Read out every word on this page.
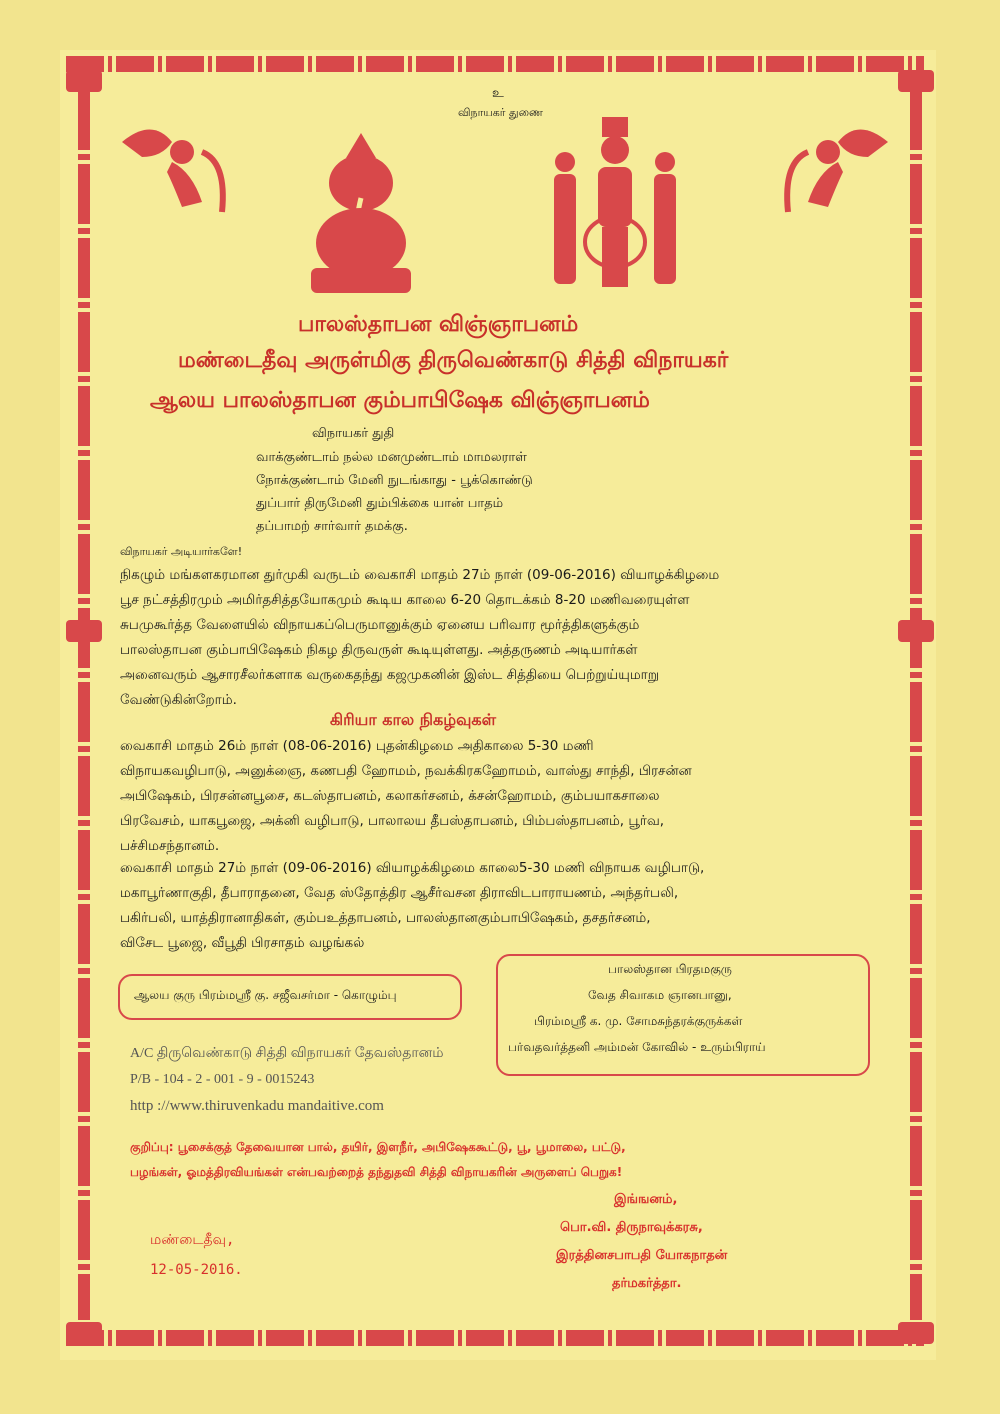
உ
விநாயகர் துணை
பாலஸ்தாபன விஞ்ஞாபனம்
மண்டைதீவு அருள்மிகு திருவெண்காடு சித்தி விநாயகர்
ஆலய பாலஸ்தாபன கும்பாபிஷேக விஞ்ஞாபனம்
விநாயகர் துதி
வாக்குண்டாம் நல்ல மனமுண்டாம் மாமலராள்
நோக்குண்டாம் மேனி நுடங்காது - பூக்கொண்டு
துப்பார் திருமேனி தும்பிக்கை யான் பாதம்
தப்பாமற் சார்வார் தமக்கு.
விநாயகர் அடியார்களே!
நிகழும் மங்களகரமான துர்முகி வருடம் வைகாசி மாதம் 27ம் நாள் (09-06-2016) வியாழக்கிழமை
பூச நட்சத்திரமும் அமிர்தசித்தயோகமும் கூடிய காலை 6-20 தொடக்கம் 8-20 மணிவரையுள்ள
சுபமுகூர்த்த வேளையில் விநாயகப்பெருமானுக்கும் ஏனைய பரிவார மூர்த்திகளுக்கும்
பாலஸ்தாபன கும்பாபிஷேகம் நிகழ திருவருள் கூடியுள்ளது. அத்தருணம் அடியார்கள்
அனைவரும் ஆசாரசீலர்களாக வருகைதந்து கஜமுகனின் இஸ்ட சித்தியை பெற்றுய்யுமாறு
வேண்டுகின்றோம்.
கிரியா கால நிகழ்வுகள்
வைகாசி மாதம் 26ம் நாள் (08-06-2016) புதன்கிழமை அதிகாலை 5-30 மணி
விநாயகவழிபாடு, அனுக்ஞை, கணபதி ஹோமம், நவக்கிரகஹோமம், வாஸ்து சாந்தி, பிரசன்ன
அபிஷேகம், பிரசன்னபூசை, கடஸ்தாபனம், கலாகர்சனம், க்சன்ஹோமம், கும்பயாகசாலை
பிரவேசம், யாகபூஜை, அக்னி வழிபாடு, பாலாலய தீபஸ்தாபனம், பிம்பஸ்தாபனம், பூர்வ,
பச்சிமசந்தானம்.
வைகாசி மாதம் 27ம் நாள் (09-06-2016) வியாழக்கிழமை காலை5-30 மணி விநாயக வழிபாடு,
மகாபூர்ணாகுதி, தீபாராதனை, வேத ஸ்தோத்திர ஆசீர்வசன திராவிடபாராயணம், அந்தர்பலி,
பகிர்பலி, யாத்திரானாதிகள், கும்பஉத்தாபனம், பாலஸ்தானகும்பாபிஷேகம், தசதர்சனம்,
விசேட பூஜை, வீபூதி பிரசாதம் வழங்கல்
ஆலய குரு பிரம்மஸ்ரீ கு. சஜீவசர்மா - கொழும்பு
பாலஸ்தான பிரதமகுரு
வேத சிவாகம ஞானபானு,
பிரம்மஸ்ரீ க. மு. சோமசுந்தரக்குருக்கள்
பர்வதவர்த்தனி அம்மன் கோவில் - உரும்பிராய்
A/C திருவெண்காடு சித்தி விநாயகர் தேவஸ்தானம்
P/B - 104 - 2 - 001 - 9 - 0015243
http ://www.thiruvenkadu mandaitive.com
குறிப்பு: பூசைக்குத் தேவையான பால், தயிர், இளநீர், அபிஷேககூட்டு, பூ, பூமாலை, பட்டு,
பழங்கள், ஓமத்திரவியங்கள் என்பவற்றைத் தந்துதவி சித்தி விநாயகரின் அருளைப் பெறுக!
இங்ஙனம்,
பொ.வி. திருநாவுக்கரசு,
இரத்தினசபாபதி யோகநாதன்
தர்மகர்த்தா.
மண்டைதீவு,
12-05-2016.
